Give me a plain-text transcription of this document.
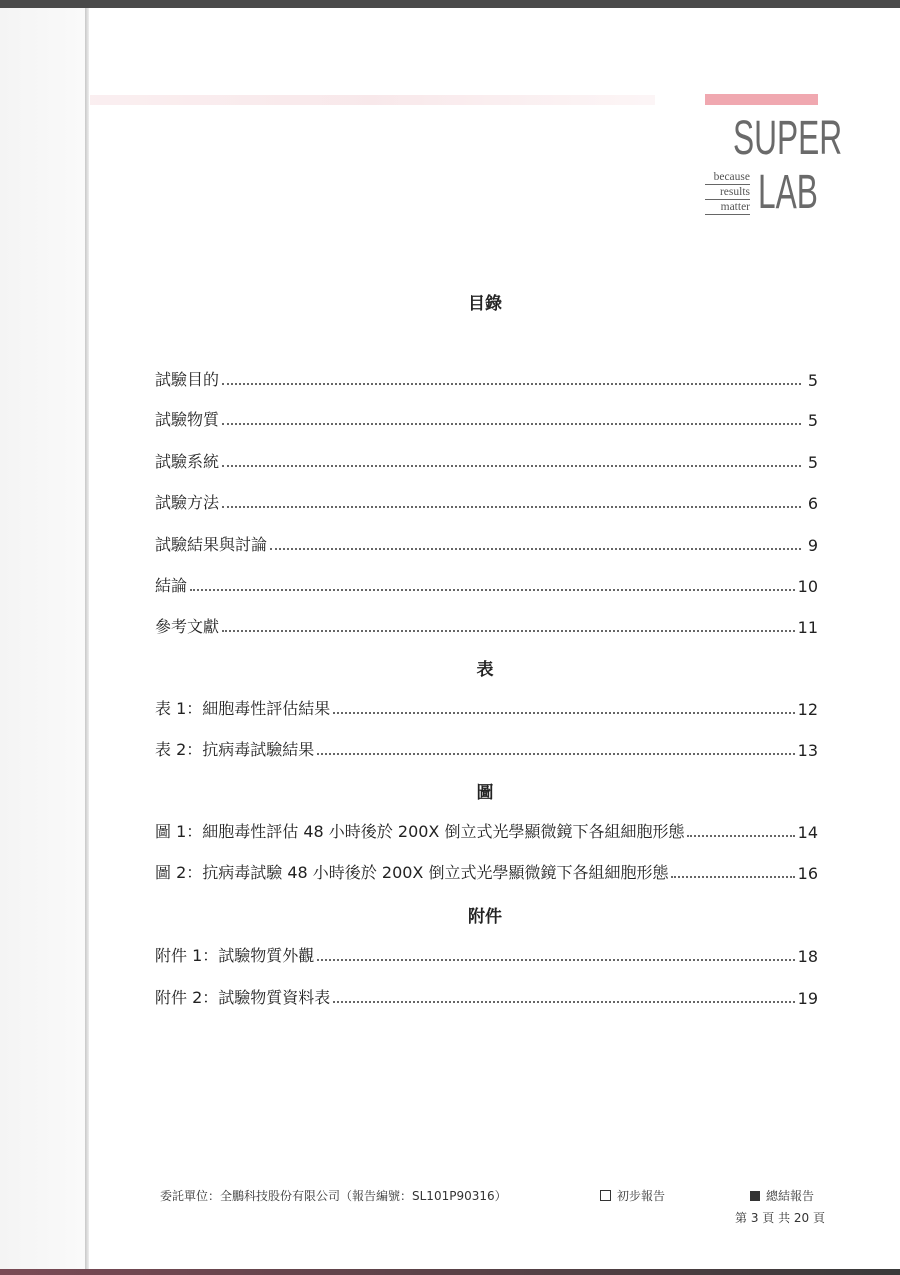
SUPER
because
results
matter LAB
目錄
試驗目的	5
試驗物質	5
試驗系統	5
試驗方法	6
試驗結果與討論	9
結論	10
參考文獻	11
表
表 1：細胞毒性評估結果	12
表 2：抗病毒試驗結果	13
圖
圖 1：細胞毒性評估 48 小時後於 200X 倒立式光學顯微鏡下各組細胞形態	14
圖 2：抗病毒試驗 48 小時後於 200X 倒立式光學顯微鏡下各組細胞形態	16
附件
附件 1：試驗物質外觀	18
附件 2：試驗物質資料表	19
委託單位：全鵬科技股份有限公司（報告編號：SL101P90316）	初步報告	總結報告
第 3 頁 共 20 頁
